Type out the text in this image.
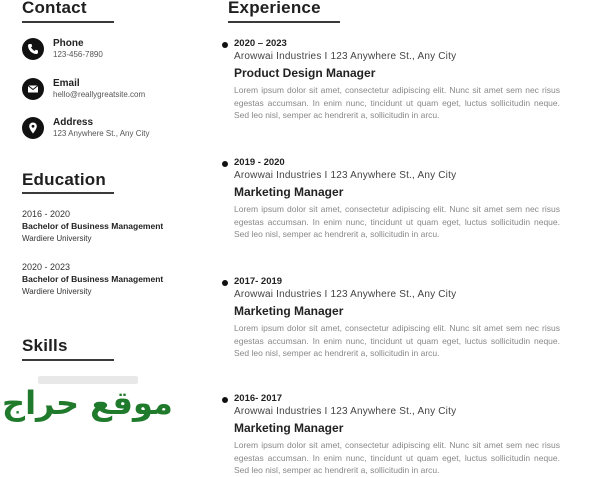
Contact
Phone
123-456-7890
Email
hello@reallygreatsite.com
Address
123 Anywhere St., Any City
Education
2016 - 2020
Bachelor of Business Management
Wardiere University
2020 - 2023
Bachelor of Business Management
Wardiere University
Skills
موقع حراج
Experience
2020 – 2023
Arowwai Industries I 123 Anywhere St., Any City
Product Design Manager
Lorem ipsum dolor sit amet, consectetur adipiscing elit. Nunc sit amet sem nec risus egestas accumsan. In enim nunc, tincidunt ut quam eget, luctus sollicitudin neque. Sed leo nisl, semper ac hendrerit a, sollicitudin in arcu.
2019 - 2020
Arowwai Industries I 123 Anywhere St., Any City
Marketing Manager
Lorem ipsum dolor sit amet, consectetur adipiscing elit. Nunc sit amet sem nec risus egestas accumsan. In enim nunc, tincidunt ut quam eget, luctus sollicitudin neque. Sed leo nisl, semper ac hendrerit a, sollicitudin in arcu.
2017- 2019
Arowwai Industries I 123 Anywhere St., Any City
Marketing Manager
Lorem ipsum dolor sit amet, consectetur adipiscing elit. Nunc sit amet sem nec risus egestas accumsan. In enim nunc, tincidunt ut quam eget, luctus sollicitudin neque. Sed leo nisl, semper ac hendrerit a, sollicitudin in arcu.
2016- 2017
Arowwai Industries I 123 Anywhere St., Any City
Marketing Manager
Lorem ipsum dolor sit amet, consectetur adipiscing elit. Nunc sit amet sem nec risus egestas accumsan. In enim nunc, tincidunt ut quam eget, luctus sollicitudin neque. Sed leo nisl, semper ac hendrerit a, sollicitudin in arcu.
